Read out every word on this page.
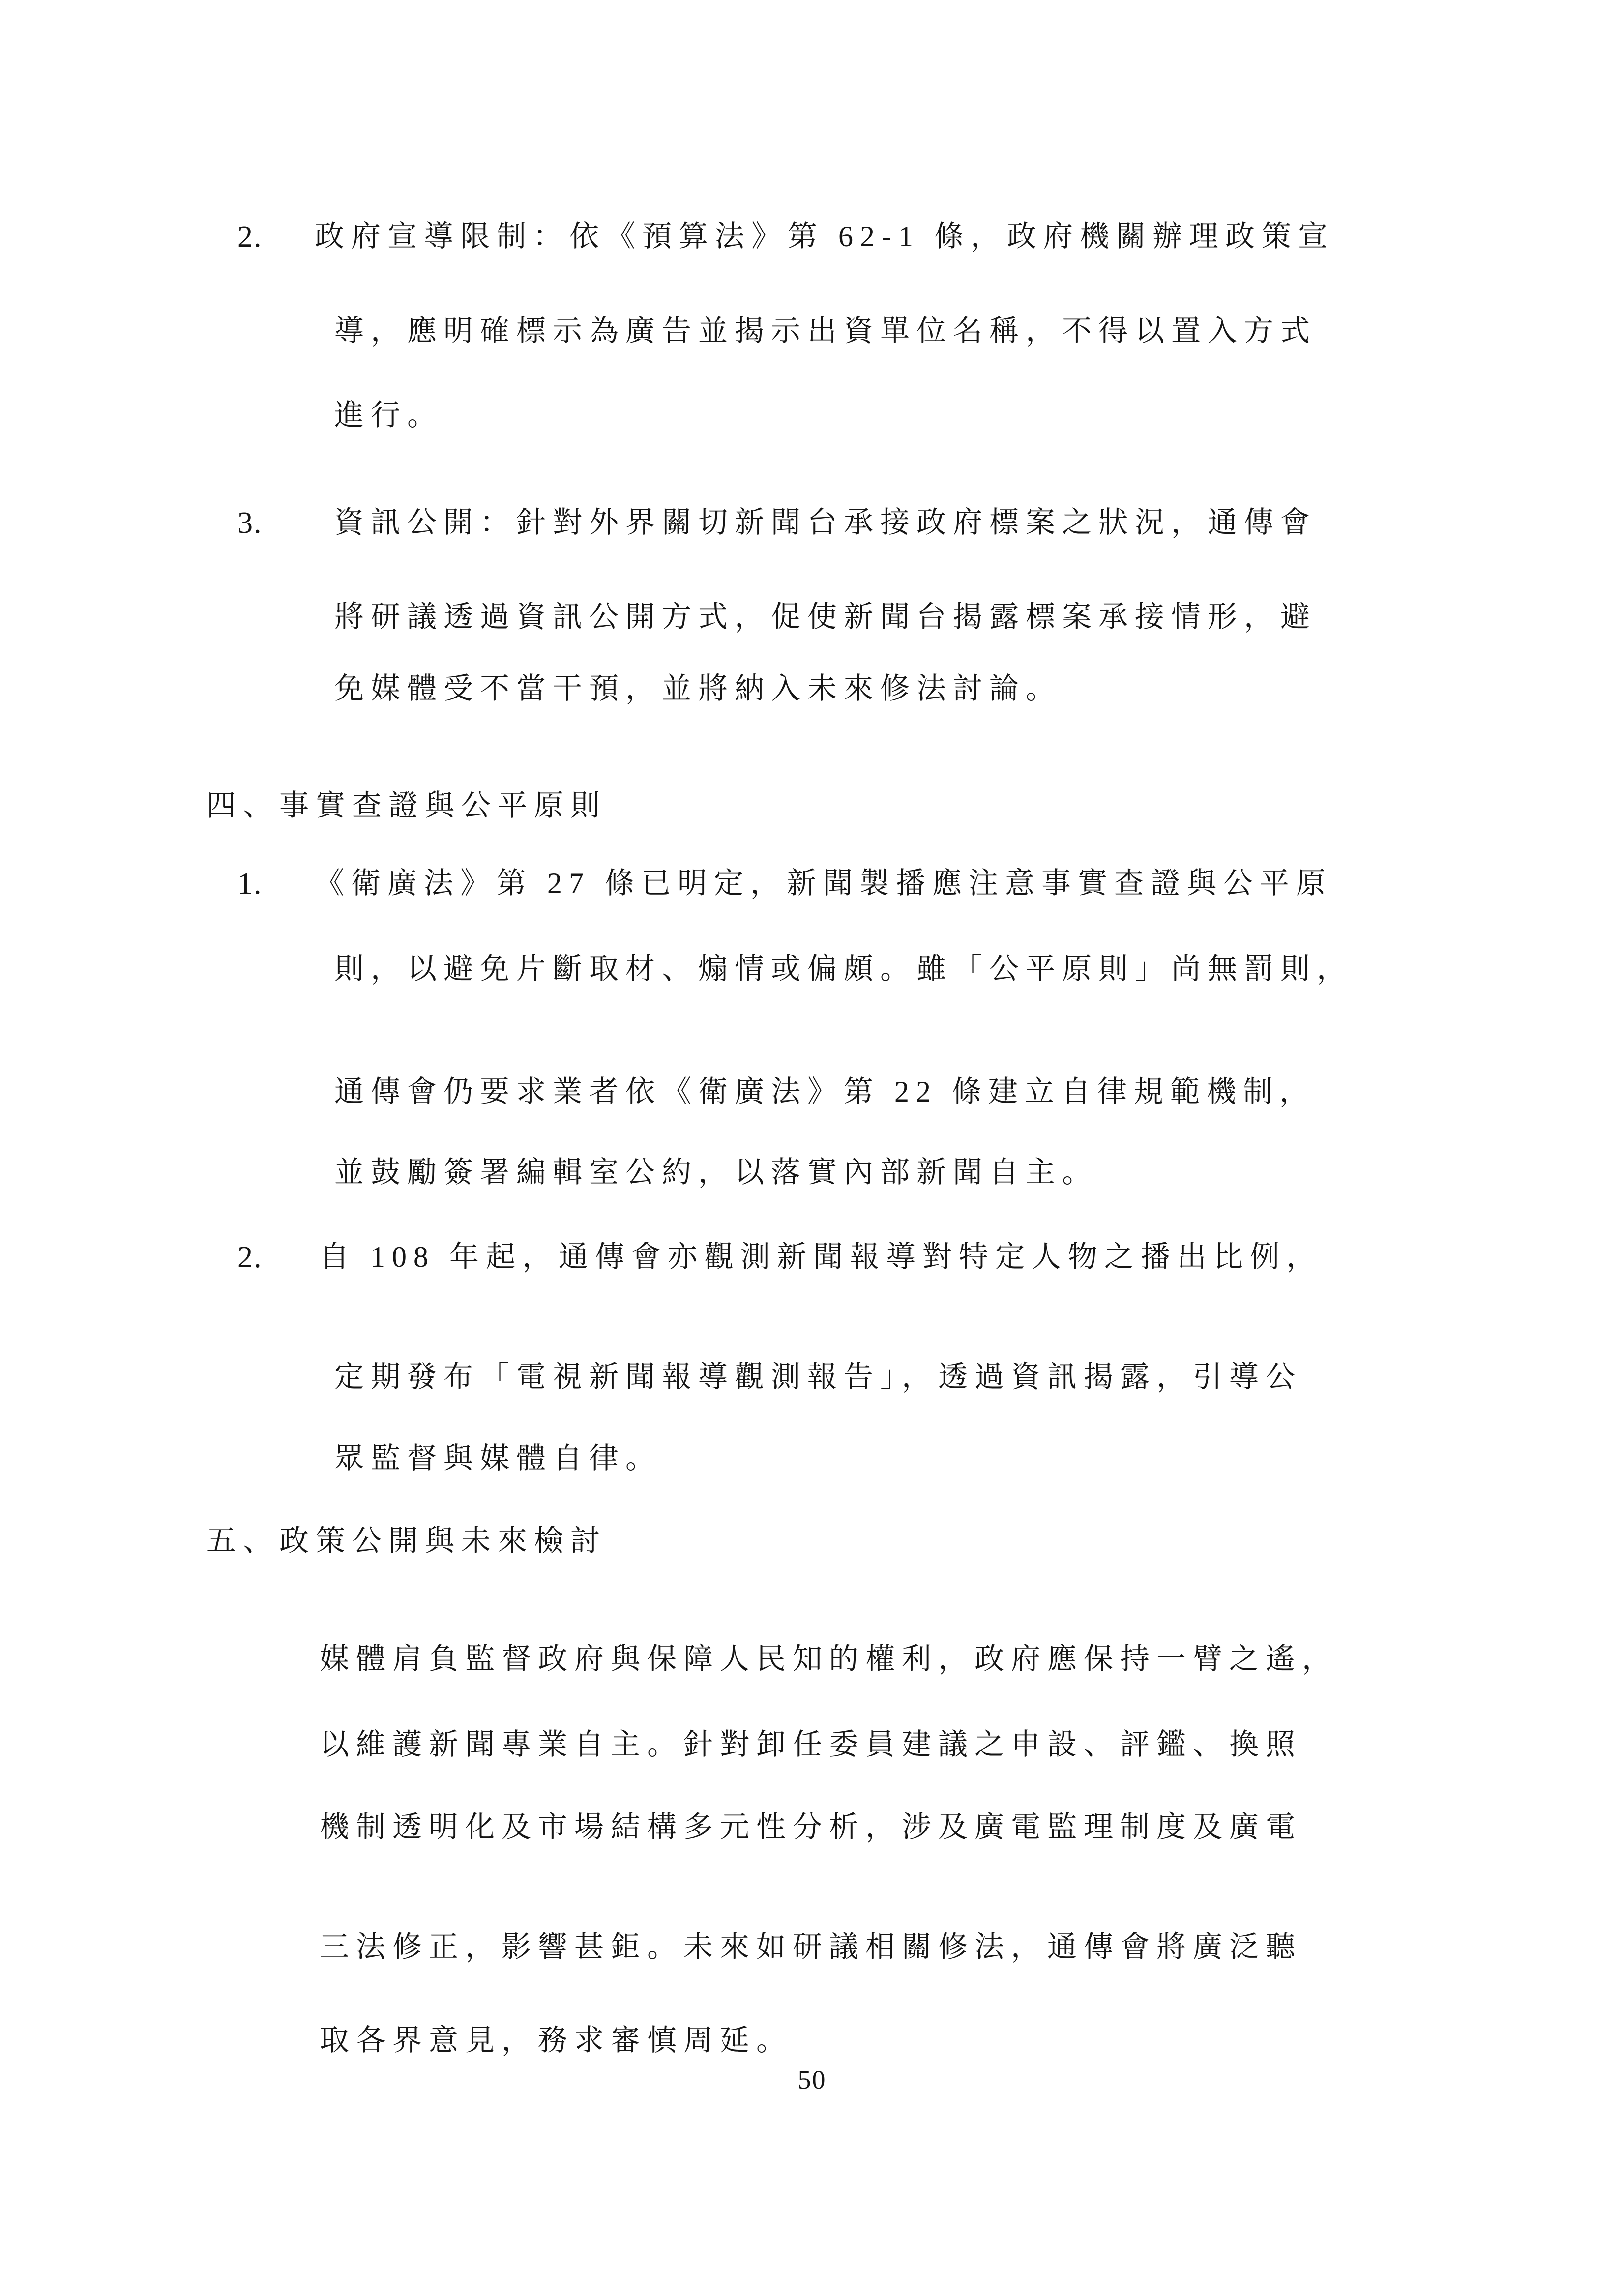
2. 政府宣導限制：依《預算法》第 62-1 條，政府機關辦理政策宣
導，應明確標示為廣告並揭示出資單位名稱，不得以置入方式
進行。
3. 資訊公開：針對外界關切新聞台承接政府標案之狀況，通傳會
將研議透過資訊公開方式，促使新聞台揭露標案承接情形，避
免媒體受不當干預，並將納入未來修法討論。
四、事實查證與公平原則
1. 《衛廣法》第 27 條已明定，新聞製播應注意事實查證與公平原
則，以避免片斷取材、煽情或偏頗。雖「公平原則」尚無罰則，
通傳會仍要求業者依《衛廣法》第 22 條建立自律規範機制，
並鼓勵簽署編輯室公約，以落實內部新聞自主。
2. 自 108 年起，通傳會亦觀測新聞報導對特定人物之播出比例，
定期發布「電視新聞報導觀測報告」，透過資訊揭露，引導公
眾監督與媒體自律。
五、政策公開與未來檢討
媒體肩負監督政府與保障人民知的權利，政府應保持一臂之遙，
以維護新聞專業自主。針對卸任委員建議之申設、評鑑、換照
機制透明化及市場結構多元性分析，涉及廣電監理制度及廣電
三法修正，影響甚鉅。未來如研議相關修法，通傳會將廣泛聽
取各界意見，務求審慎周延。
50
